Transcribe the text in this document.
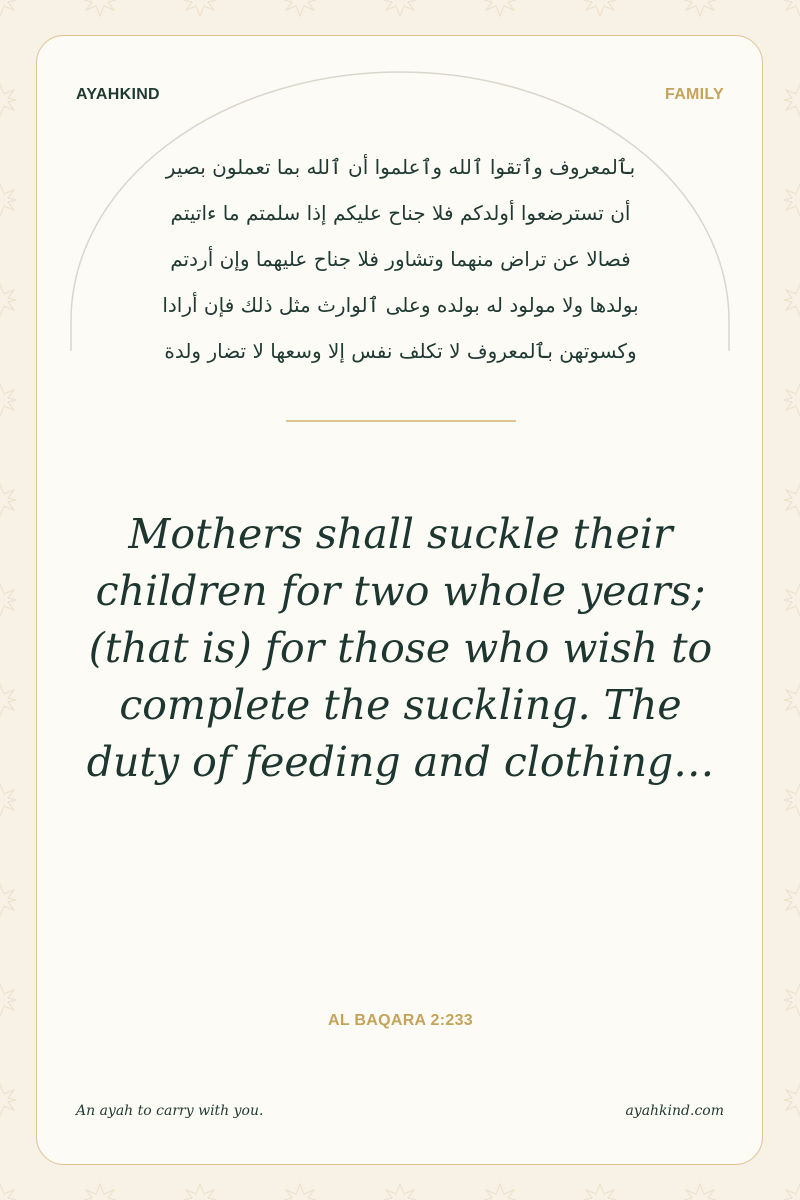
AYAHKIND	FAMILY
بٱلمعروف وٱتقوا ٱلله وٱعلموا أن ٱلله بما تعملون بصير
أن تسترضعوا أولدكم فلا جناح عليكم إذا سلمتم ما ءاتيتم
فصالا عن تراض منهما وتشاور فلا جناح عليهما وإن أردتم
بولدها ولا مولود له بولده وعلى ٱلوارث مثل ذلك فإن أرادا
وكسوتهن بٱلمعروف لا تكلف نفس إلا وسعها لا تضار ولدة
Mothers shall suckle their
children for two whole years;
(that is) for those who wish to
complete the suckling. The
duty of feeding and clothing…
AL BAQARA 2:233
An ayah to carry with you.	ayahkind.com
